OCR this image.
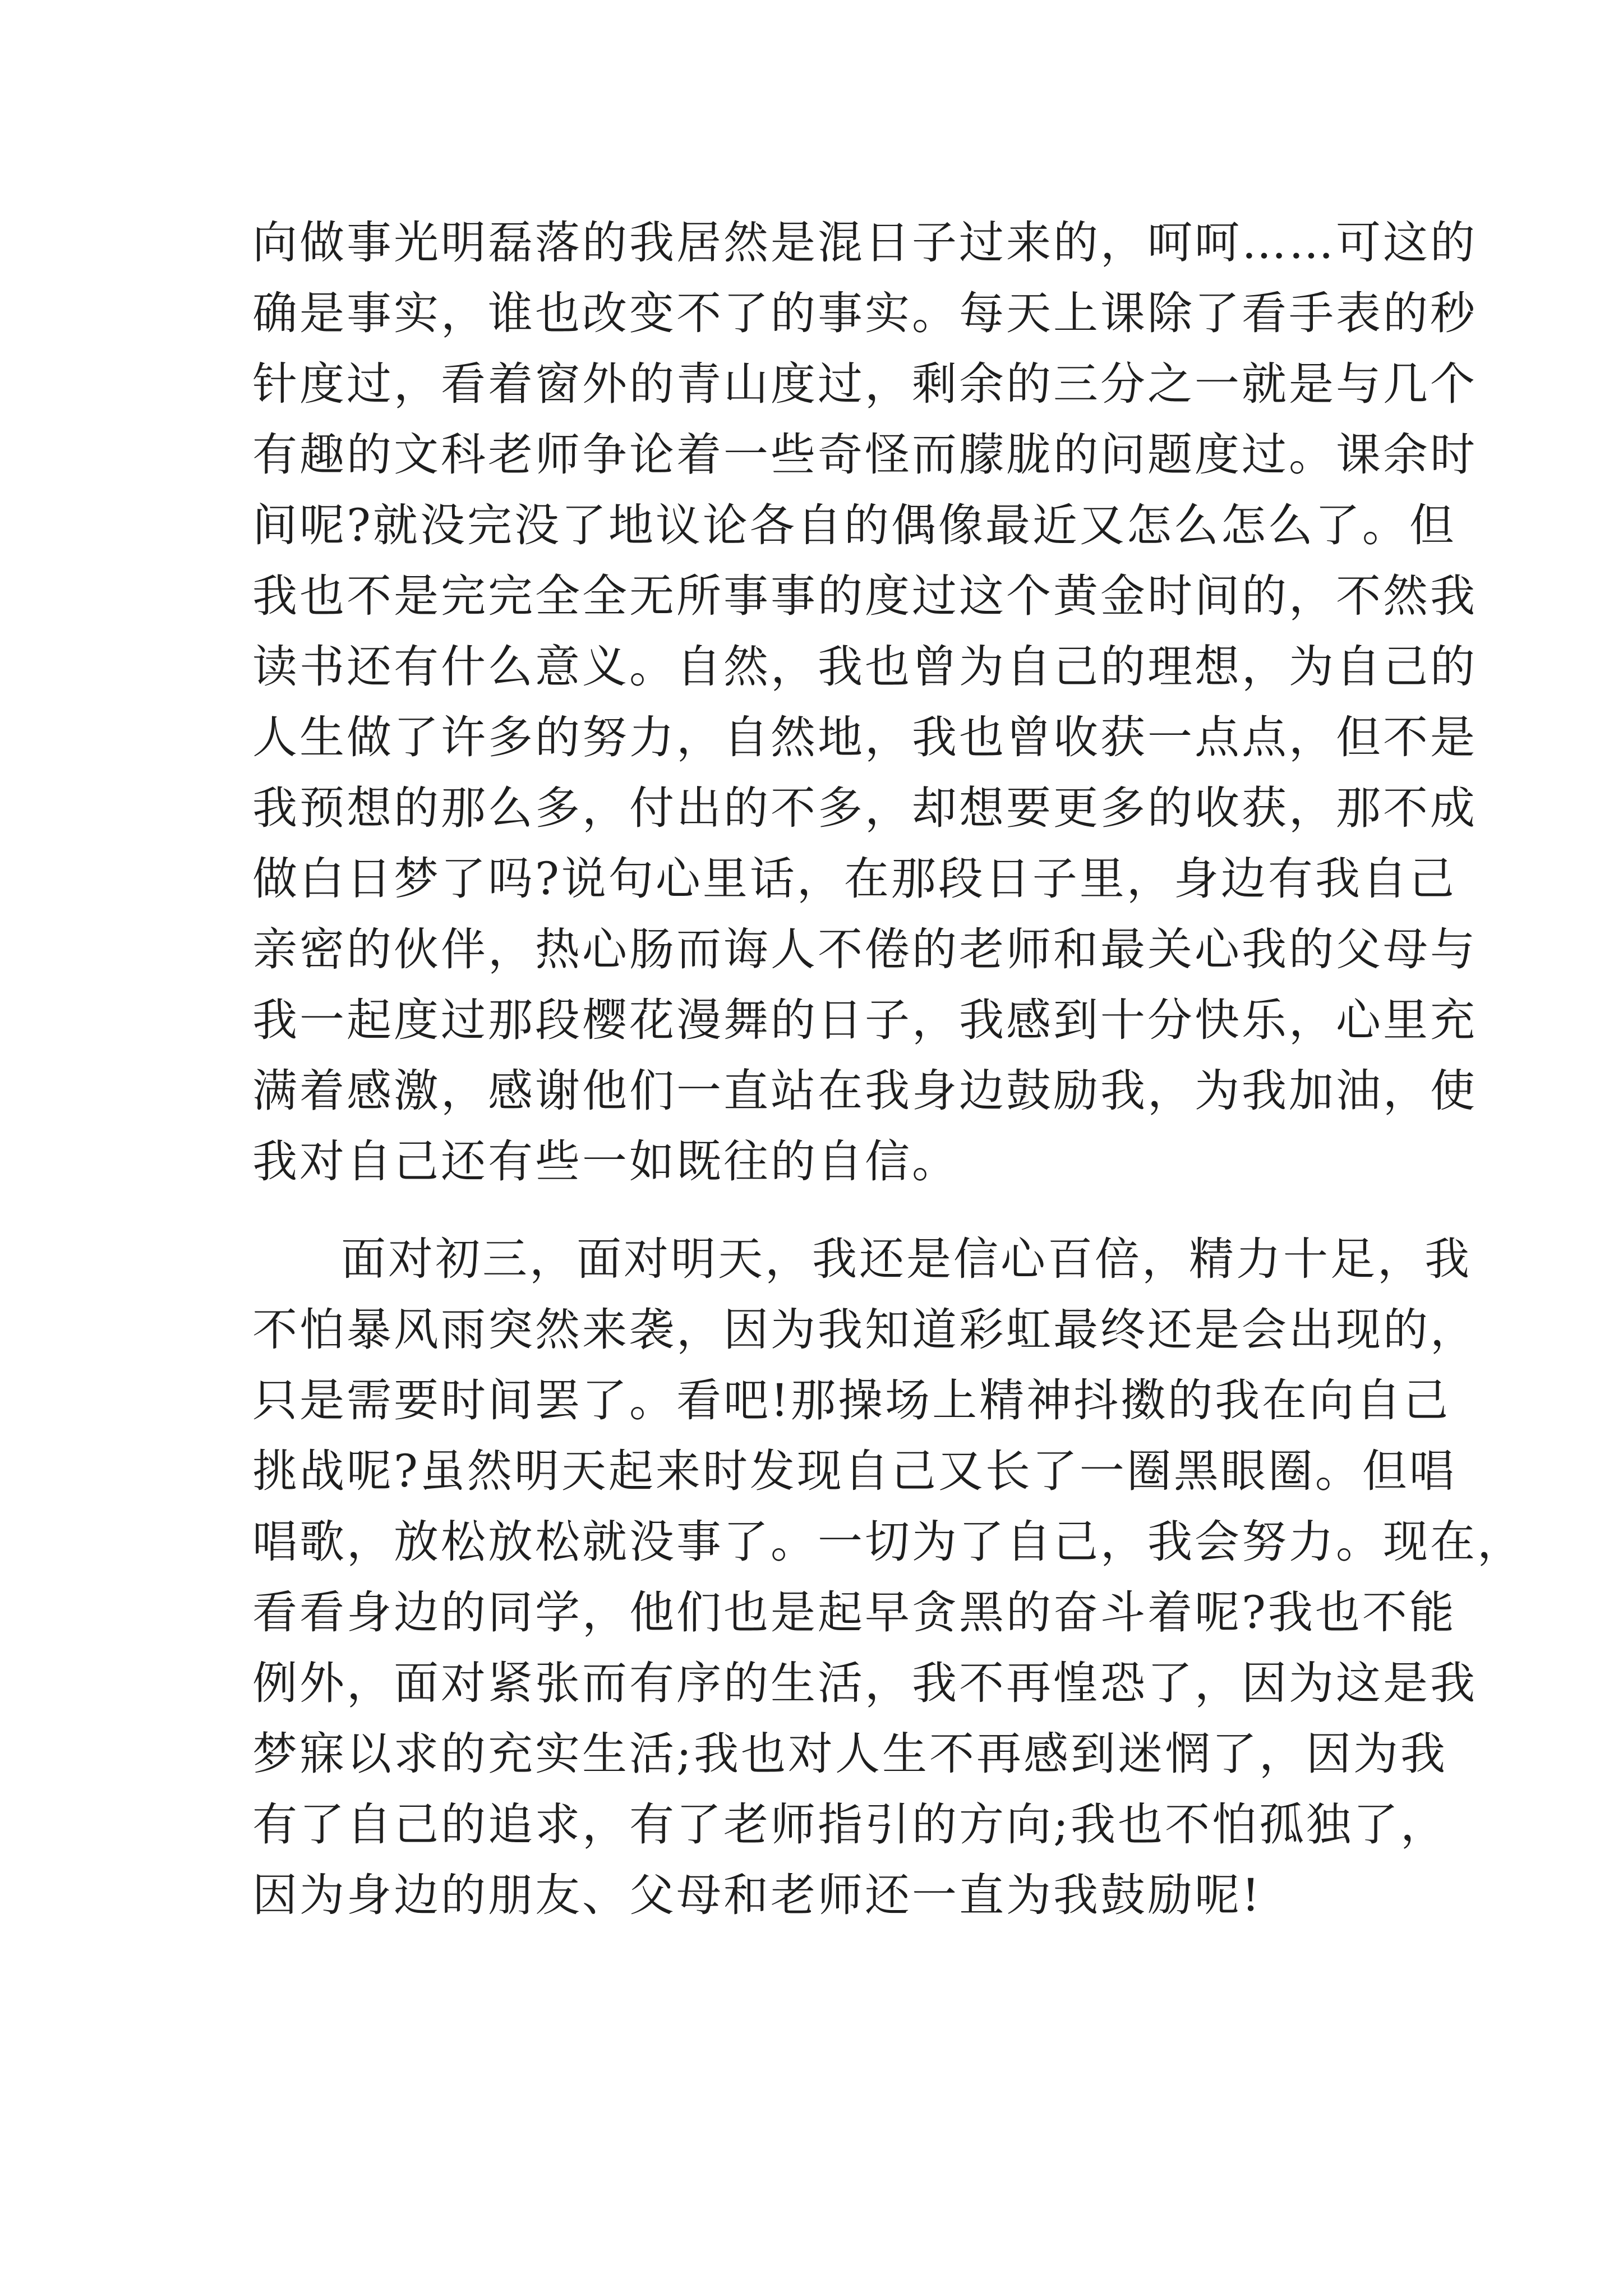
向做事光明磊落的我居然是混日子过来的，呵呵……可这的
确是事实，谁也改变不了的事实。每天上课除了看手表的秒
针度过，看着窗外的青山度过，剩余的三分之一就是与几个
有趣的文科老师争论着一些奇怪而朦胧的问题度过。课余时
间呢?就没完没了地议论各自的偶像最近又怎么怎么了。但
我也不是完完全全无所事事的度过这个黄金时间的，不然我
读书还有什么意义。自然，我也曾为自己的理想，为自己的
人生做了许多的努力，自然地，我也曾收获一点点，但不是
我预想的那么多，付出的不多，却想要更多的收获，那不成
做白日梦了吗?说句心里话，在那段日子里，身边有我自己
亲密的伙伴，热心肠而诲人不倦的老师和最关心我的父母与
我一起度过那段樱花漫舞的日子，我感到十分快乐，心里充
满着感激，感谢他们一直站在我身边鼓励我，为我加油，使
我对自己还有些一如既往的自信。
面对初三，面对明天，我还是信心百倍，精力十足，我
不怕暴风雨突然来袭，因为我知道彩虹最终还是会出现的，
只是需要时间罢了。看吧!那操场上精神抖擞的我在向自己
挑战呢?虽然明天起来时发现自己又长了一圈黑眼圈。但唱
唱歌，放松放松就没事了。一切为了自己，我会努力。现在，
看看身边的同学，他们也是起早贪黑的奋斗着呢?我也不能
例外，面对紧张而有序的生活，我不再惶恐了，因为这是我
梦寐以求的充实生活;我也对人生不再感到迷惘了，因为我
有了自己的追求，有了老师指引的方向;我也不怕孤独了，
因为身边的朋友、父母和老师还一直为我鼓励呢!
